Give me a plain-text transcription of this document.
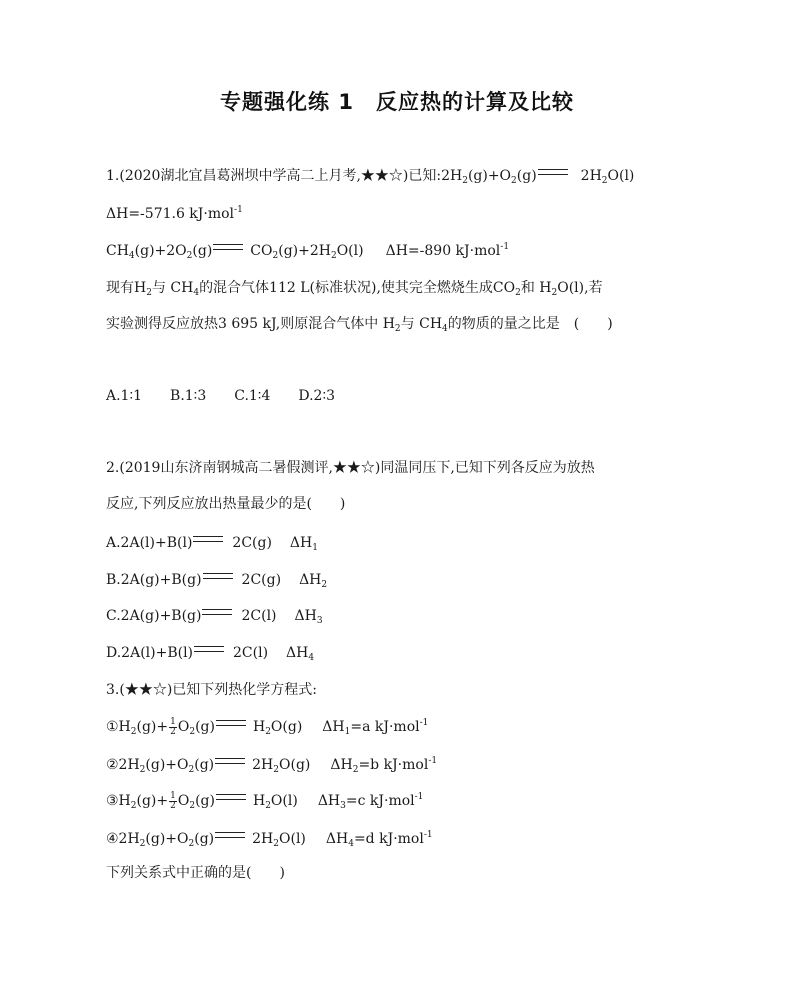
专题强化练 1　反应热的计算及比较
1.(2020湖北宜昌葛洲坝中学高二上月考,★★☆)已知$:2H_2(g)+O_2(g)$	$2H_2O(l)$
ΔH=-571.6 kJ·mol$^{-1}$
$CH_4(g)+2O_2(g)$	$CO_2(g)+2H_2O(l)$ ΔH=-890 kJ·mol$^{-1}$
现有$H_2$与 $CH_4$的混合气体112 L(标准状况),使其完全燃烧生成$CO_2$和 $H_2O(l)$,若
实验测得反应放热3 695 kJ,则原混合气体中 $H_2$与 $CH_4$的物质的量之比是　(　　)
A.1∶1 B.1∶3 C.1∶4 D.2∶3
2.(2019山东济南钢城高二暑假测评,★★☆)同温同压下,已知下列各反应为放热
反应,下列反应放出热量最少的是(　　)
A.2A(l)+B(l)	2C(g) $\Delta H_1$
B.2A(g)+B(g)	2C(g) $\Delta H_2$
C.2A(g)+B(g)	2C(l) $\Delta H_3$
D.2A(l)+B(l)	2C(l) $\Delta H_4$
3.(★★☆)已知下列热化学方程式:
$①H_2(g)+ \frac{1}{2} O_2(g)$	$H_2O(g)$ $\Delta H_1=a$ kJ·mol$^{-1}$
$②2H_2(g)+O_2(g)$	$2H_2O(g)$ $\Delta H_2=b$ kJ·mol$^{-1}$
$③H_2(g)+ \frac{1}{2} O_2(g)$	$H_2O(l)$ $\Delta H_3=c$ kJ·mol$^{-1}$
$④2H_2(g)+O_2(g)$	$2H_2O(l)$ $\Delta H_4=d$ kJ·mol$^{-1}$
下列关系式中正确的是(　　)
